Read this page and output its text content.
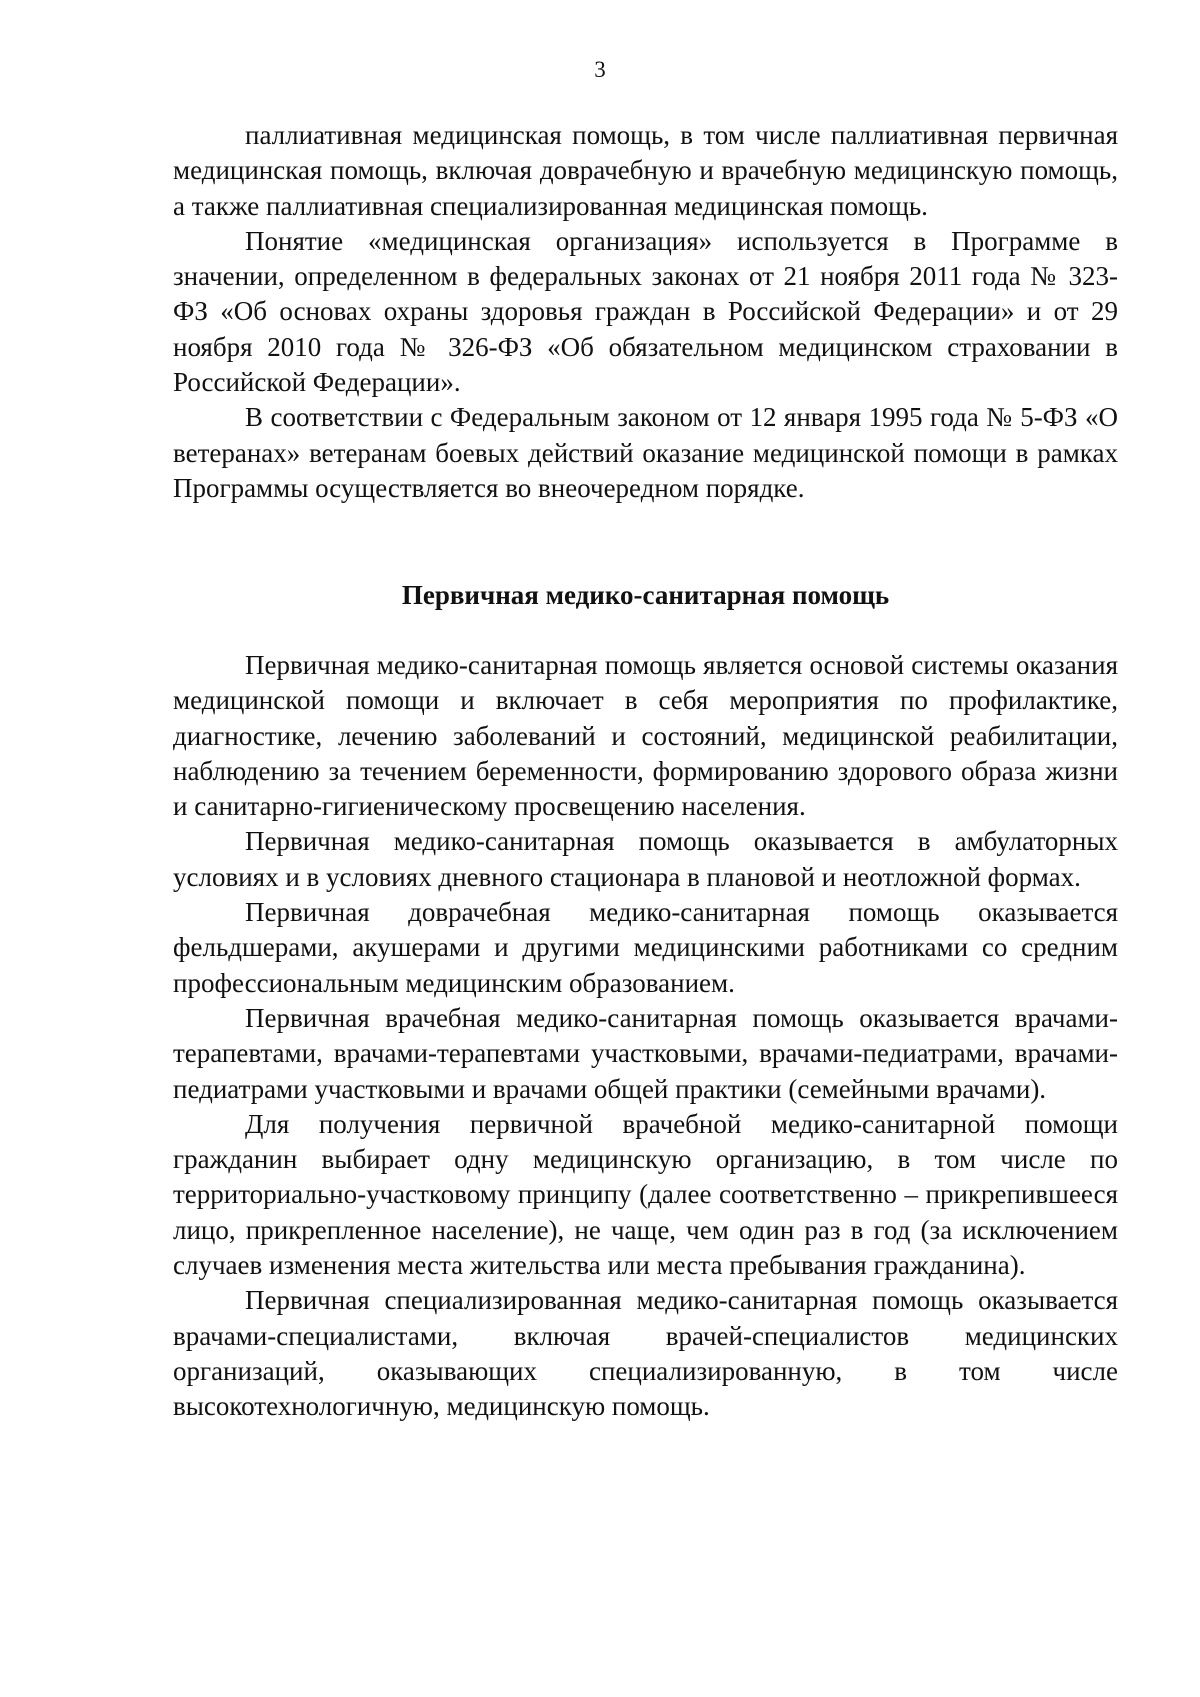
3

паллиативная медицинская помощь, в том числе паллиативная первичная медицинская помощь, включая доврачебную и врачебную медицинскую помощь, а также паллиативная специализированная медицинская помощь.

Понятие «медицинская организация» используется в Программе в значении, определенном в федеральных законах от 21 ноября 2011 года № 323-ФЗ «Об основах охраны здоровья граждан в Российской Федерации» и от 29 ноября 2010 года № 326-ФЗ «Об обязательном медицинском страховании в Российской Федерации».

В соответствии с Федеральным законом от 12 января 1995 года № 5-ФЗ «О ветеранах» ветеранам боевых действий оказание медицинской помощи в рамках Программы осуществляется во внеочередном порядке.

Первичная медико-санитарная помощь

Первичная медико-санитарная помощь является основой системы оказания медицинской помощи и включает в себя мероприятия по профилактике, диагностике, лечению заболеваний и состояний, медицинской реабилитации, наблюдению за течением беременности, формированию здорового образа жизни и санитарно-гигиеническому просвещению населения.

Первичная медико-санитарная помощь оказывается в амбулаторных условиях и в условиях дневного стационара в плановой и неотложной формах.

Первичная доврачебная медико-санитарная помощь оказывается фельдшерами, акушерами и другими медицинскими работниками со средним профессиональным медицинским образованием.

Первичная врачебная медико-санитарная помощь оказывается врачами-терапевтами, врачами-терапевтами участковыми, врачами-педиатрами, врачами-педиатрами участковыми и врачами общей практики (семейными врачами).

Для получения первичной врачебной медико-санитарной помощи гражданин выбирает одну медицинскую организацию, в том числе по территориально-участковому принципу (далее соответственно – прикрепившееся лицо, прикрепленное население), не чаще, чем один раз в год (за исключением случаев изменения места жительства или места пребывания гражданина).

Первичная специализированная медико-санитарная помощь оказывается врачами-специалистами, включая врачей-специалистов медицинских организаций, оказывающих специализированную, в том числе высокотехнологичную, медицинскую помощь.
